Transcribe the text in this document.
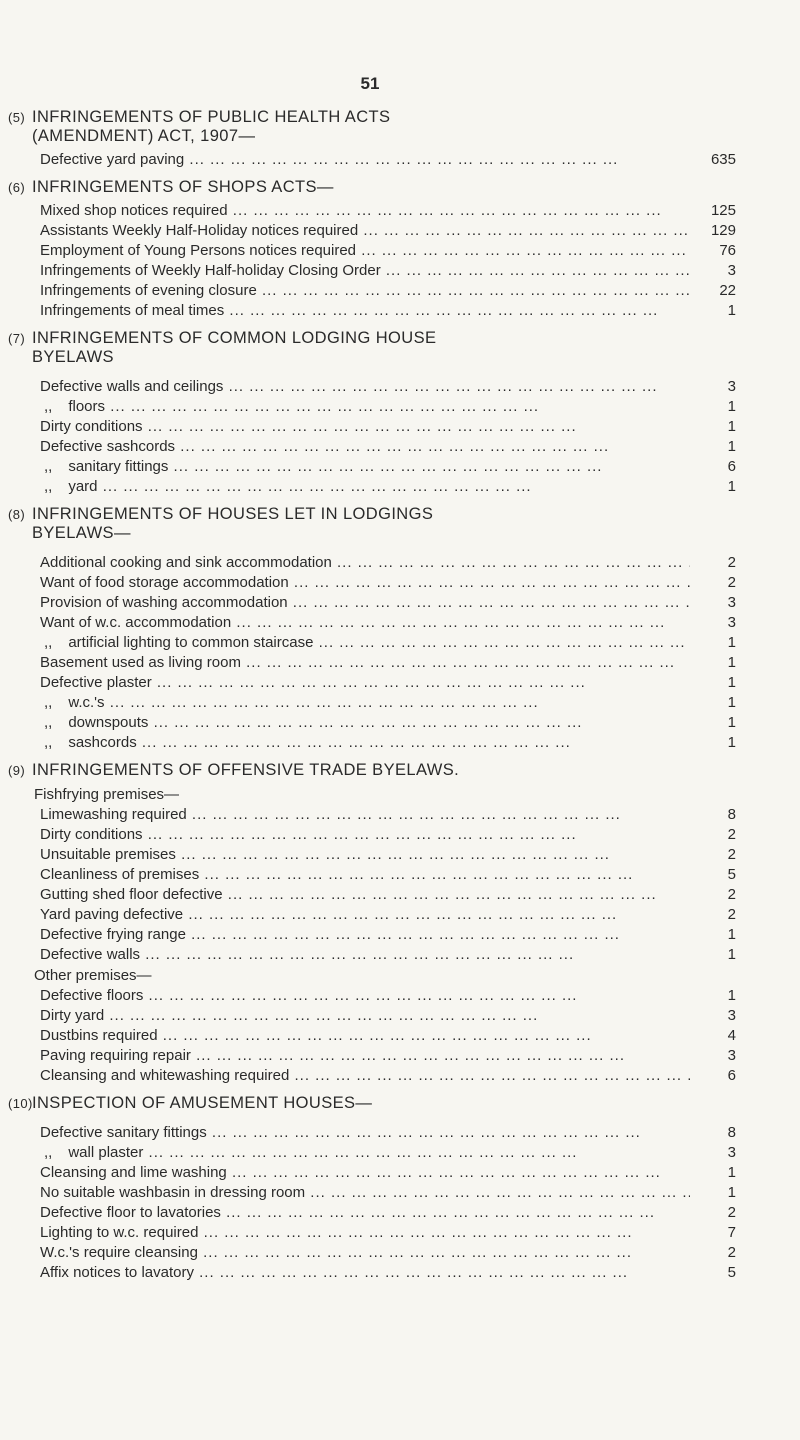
51
(5) INFRINGEMENTS OF PUBLIC HEALTH ACTS
(AMENDMENT) ACT, 1907—
Defective yard paving ... .	635
(6) INFRINGEMENTS OF SHOPS ACTS—
Mixed shop notices required ... .	125
Assistants Weekly Half-Holiday notices required ... .	129
Employment of Young Persons notices required ... .	76
Infringements of Weekly Half-holiday Closing Order ... .	3
Infringements of evening closure ... .	22
Infringements of meal times ... .	1
(7) INFRINGEMENTS OF COMMON LODGING HOUSE
BYELAWS
Defective walls and ceilings ... .	3
,, floors ... .	1
Dirty conditions ... .	1
Defective sashcords ... .	1
,, sanitary fittings ... .	6
,, yard ... .	1
(8) INFRINGEMENTS OF HOUSES LET IN LODGINGS
BYELAWS—
Additional cooking and sink accommodation ... .	2
Want of food storage accommodation ... .	2
Provision of washing accommodation ... .	3
Want of w.c. accommodation ... .	3
,, artificial lighting to common staircase ... .	1
Basement used as living room ... .	1
Defective plaster ... .	1
,, w.c.'s ... .	1
,, downspouts ... .	1
,, sashcords ... .	1
(9) INFRINGEMENTS OF OFFENSIVE TRADE BYELAWS.
Fishfrying premises—
Limewashing required ... .	8
Dirty conditions ... .	2
Unsuitable premises ... .	2
Cleanliness of premises ... .	5
Gutting shed floor defective ... .	2
Yard paving defective ... .	2
Defective frying range ... .	1
Defective walls ... .	1
Other premises—
Defective floors ... .	1
Dirty yard ... .	3
Dustbins required ... .	4
Paving requiring repair ... .	3
Cleansing and whitewashing required ... .	6
(10)INSPECTION OF AMUSEMENT HOUSES—
Defective sanitary fittings ... .	8
,, wall plaster ... .	3
Cleansing and lime washing ... .	1
No suitable washbasin in dressing room ... .	1
Defective floor to lavatories ... .	2
Lighting to w.c. required ... .	7
W.c.'s require cleansing ... .	2
Affix notices to lavatory ... .	5
